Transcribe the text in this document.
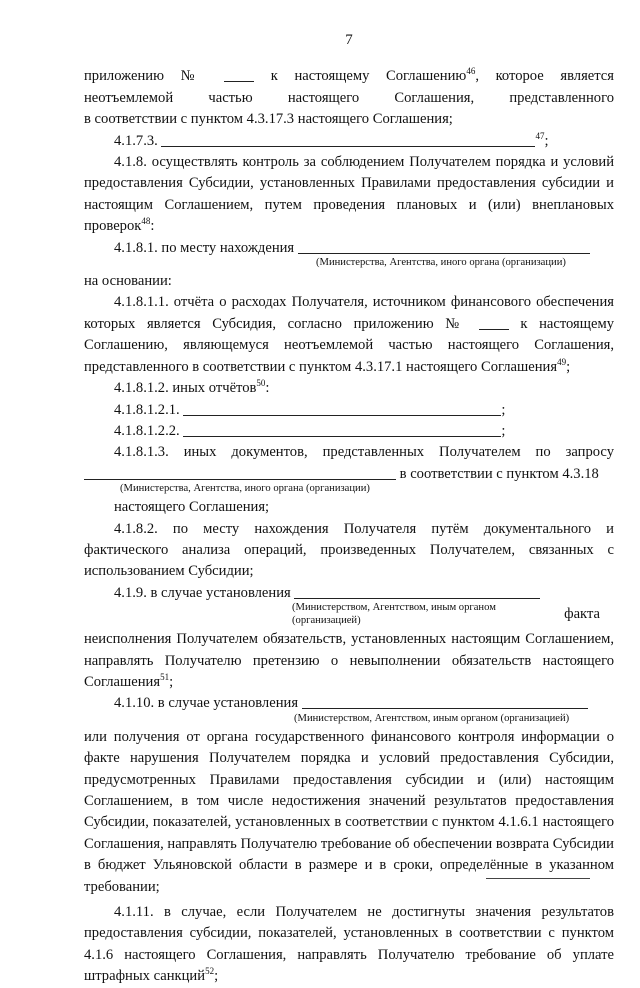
7

приложению №	к настоящему Соглашению$^{46}$, которое является
неотъемлемой частью настоящего Соглашения, представленного
в соответствии с пунктом 4.3.17.3 настоящего Соглашения;

4.1.7.3.	$^{47}$;

4.1.8. осуществлять контроль за соблюдением Получателем порядка и условий предоставления Субсидии, установленных Правилами предоставления субсидии и настоящим Соглашением, путем проведения плановых и (или) внеплановых проверок$^{48}$:

4.1.8.1. по месту нахождения

(Министерства, Агентства, иного органа (организации)

на основании:

4.1.8.1.1. отчёта о расходах Получателя, источником финансового обеспечения которых является Субсидия, согласно приложению №	к настоящему Соглашению, являющемуся неотъемлемой частью настоящего Соглашения, представленного в соответствии с пунктом 4.3.17.1 настоящего Соглашения$^{49}$;

4.1.8.1.2. иных отчётов$^{50}$:

4.1.8.1.2.1.	;

4.1.8.1.2.2.	;

4.1.8.1.3. иных документов, представленных Получателем по запросу

в соответствии с пунктом 4.3.18

(Министерства, Агентства, иного органа (организации)

настоящего Соглашения;

4.1.8.2. по месту нахождения Получателя путём документального и фактического анализа операций, произведенных Получателем, связанных с использованием Субсидии;

4.1.9. в случае установления
факта

(Министерством, Агентством, иным органом (организацией)

неисполнения Получателем обязательств, установленных настоящим Соглашением, направлять Получателю претензию о невыполнении обязательств настоящего Соглашения$^{51}$;

4.1.10. в случае установления

(Министерством, Агентством, иным органом (организацией)

или получения от органа государственного финансового контроля информации о факте нарушения Получателем порядка и условий предоставления Субсидии, предусмотренных Правилами предоставления субсидии и (или) настоящим Соглашением, в том числе недостижения значений результатов предоставления Субсидии, показателей, установленных в соответствии с пунктом 4.1.6.1 настоящего Соглашения, направлять Получателю требование об обеспечении возврата Субсидии в бюджет Ульяновской области в размере и в сроки, определённые в указанном требовании;

4.1.11. в случае, если Получателем не достигнуты значения результатов предоставления субсидии, показателей, установленных в соответствии с пунктом 4.1.6 настоящего Соглашения, направлять Получателю требование об уплате штрафных санкций$^{52}$;
